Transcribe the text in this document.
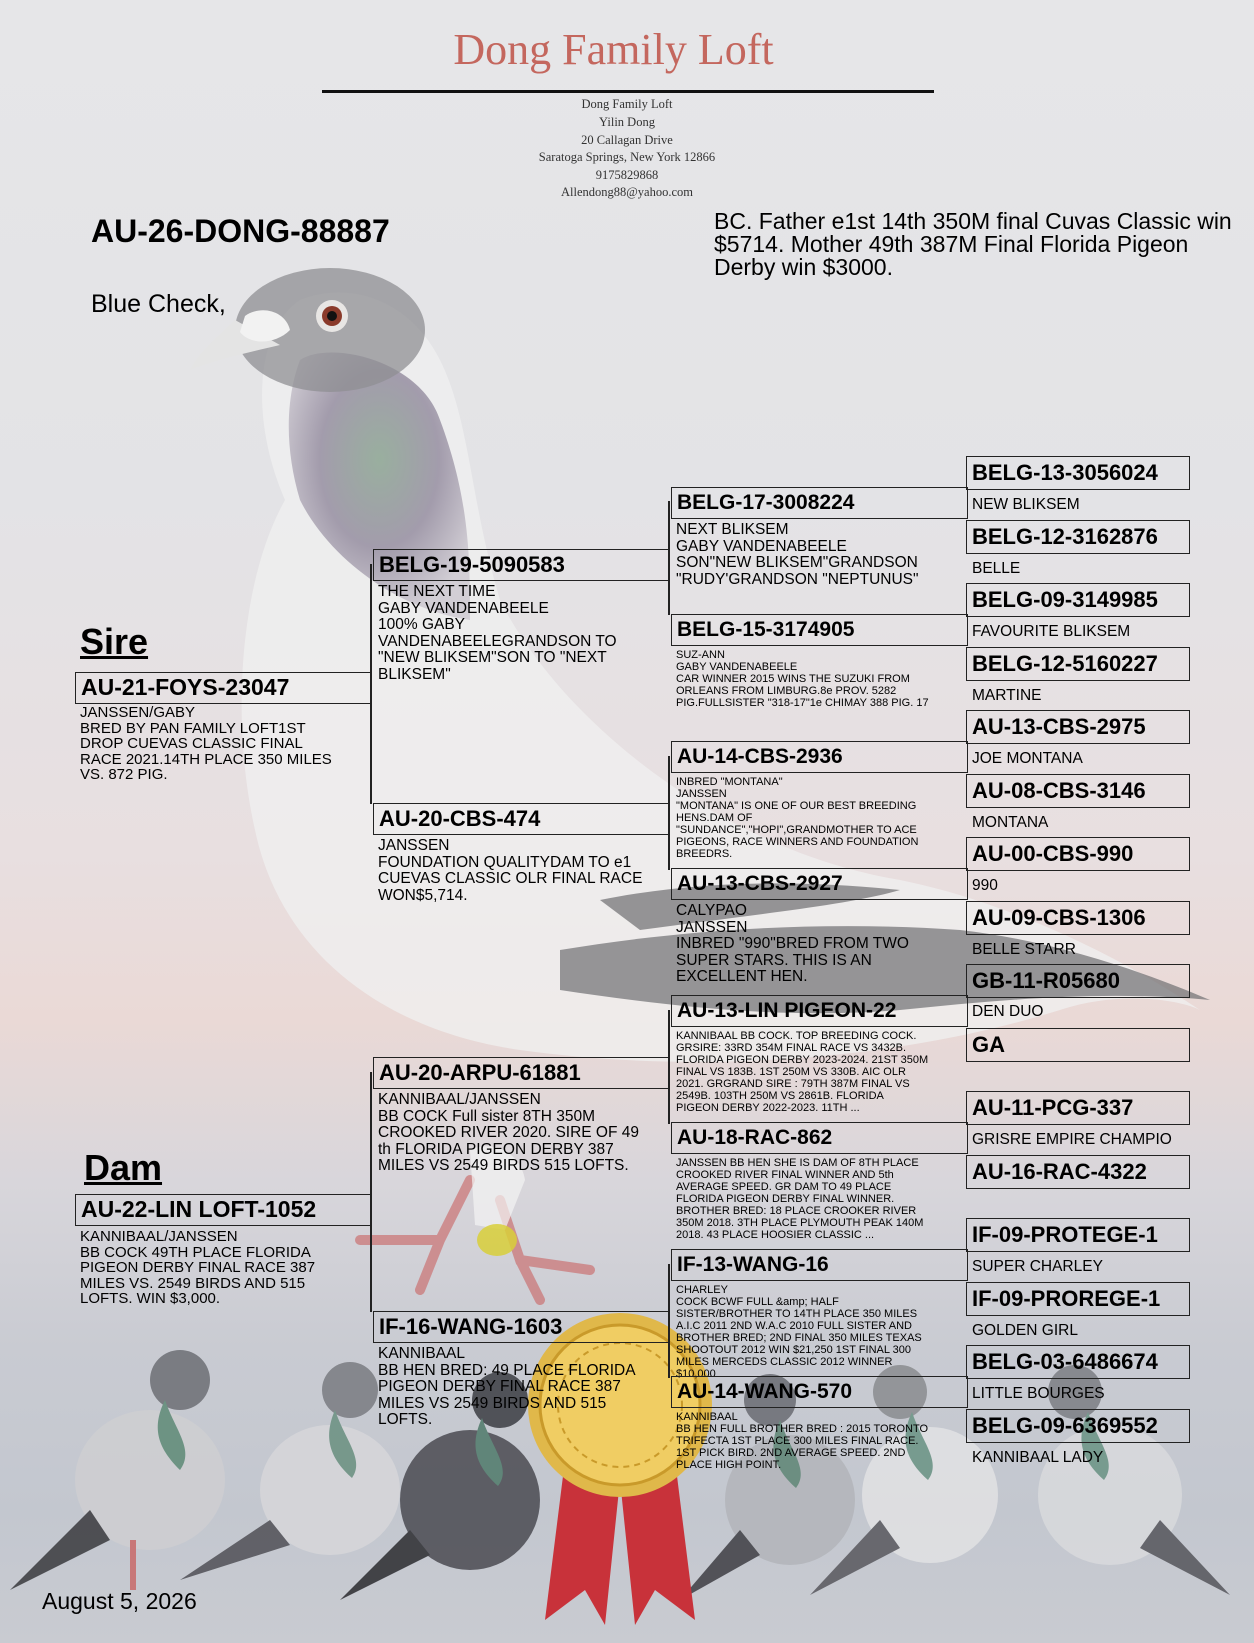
Dong Family Loft
Dong Family Loft
Yilin Dong
20 Callagan Drive
Saratoga Springs, New York 12866
9175829868
Allendong88@yahoo.com
AU-26-DONG-88887
Blue Check,
BC. Father e1st 14th 350M final Cuvas Classic win $5714. Mother 49th 387M Final Florida Pigeon Derby win $3000.
Sire
AU-21-FOYS-23047
JANSSEN/GABY
BRED BY PAN FAMILY LOFT1ST
DROP CUEVAS CLASSIC FINAL
RACE 2021.14TH PLACE 350 MILES
VS. 872 PIG.
Dam
AU-22-LIN LOFT-1052
KANNIBAAL/JANSSEN
BB COCK 49TH PLACE FLORIDA
PIGEON DERBY FINAL RACE 387
MILES VS. 2549 BIRDS AND 515
LOFTS. WIN $3,000.
BELG-19-5090583
THE NEXT TIME
GABY VANDENABEELE
100% GABY
VANDENABEELEGRANDSON TO
"NEW BLIKSEM"SON TO "NEXT
BLIKSEM"
AU-20-CBS-474
JANSSEN
FOUNDATION QUALITYDAM TO e1
CUEVAS CLASSIC OLR FINAL RACE
WON$5,714.
AU-20-ARPU-61881
KANNIBAAL/JANSSEN
BB COCK Full sister 8TH 350M
CROOKED RIVER 2020. SIRE OF 49
th FLORIDA PIGEON DERBY 387
MILES VS 2549 BIRDS 515 LOFTS.
IF-16-WANG-1603
KANNIBAAL
BB HEN BRED: 49 PLACE FLORIDA
PIGEON DERBY FINAL RACE 387
MILES VS 2549 BIRDS AND 515
LOFTS.
BELG-17-3008224
NEXT BLIKSEM
GABY VANDENABEELE
SON"NEW BLIKSEM"GRANDSON
"RUDY'GRANDSON "NEPTUNUS"
BELG-15-3174905
SUZ-ANN
GABY VANDENABEELE
CAR WINNER 2015 WINS THE SUZUKI FROM
ORLEANS FROM LIMBURG.8e PROV. 5282
PIG.FULLSISTER "318-17"1e CHIMAY 388 PIG. 17
AU-14-CBS-2936
INBRED "MONTANA"
JANSSEN
"MONTANA" IS ONE OF OUR BEST BREEDING
HENS.DAM OF
"SUNDANCE","HOPI",GRANDMOTHER TO ACE
PIGEONS, RACE WINNERS AND FOUNDATION
BREEDRS.
AU-13-CBS-2927
CALYPAO
JANSSEN
INBRED "990"BRED FROM TWO
SUPER STARS. THIS IS AN
EXCELLENT HEN.
AU-13-LIN PIGEON-22
KANNIBAAL BB COCK. TOP BREEDING COCK.
GRSIRE: 33RD 354M FINAL RACE VS 3432B.
FLORIDA PIGEON DERBY 2023-2024. 21ST 350M
FINAL VS 183B. 1ST 250M VS 330B. AIC OLR
2021. GRGRAND SIRE : 79TH 387M FINAL VS
2549B. 103TH 250M VS 2861B. FLORIDA
PIGEON DERBY 2022-2023. 11TH ...
AU-18-RAC-862
JANSSEN BB HEN SHE IS DAM OF 8TH PLACE
CROOKED RIVER FINAL WINNER AND 5th
AVERAGE SPEED. GR DAM TO 49 PLACE
FLORIDA PIGEON DERBY FINAL WINNER.
BROTHER BRED: 18 PLACE CROOKER RIVER
350M 2018. 3TH PLACE PLYMOUTH PEAK 140M
2018. 43 PLACE HOOSIER CLASSIC ...
IF-13-WANG-16
CHARLEY
COCK BCWF FULL &amp; HALF
SISTER/BROTHER TO 14TH PLACE 350 MILES
A.I.C 2011 2ND W.A.C 2010 FULL SISTER AND
BROTHER BRED; 2ND FINAL 350 MILES TEXAS
SHOOTOUT 2012 WIN $21,250 1ST FINAL 300
MILES MERCEDS CLASSIC 2012 WINNER
$10,000
AU-14-WANG-570
KANNIBAAL
BB HEN FULL BROTHER BRED : 2015 TORONTO
TRIFECTA 1ST PLACE 300 MILES FINAL RACE.
1ST PICK BIRD. 2ND AVERAGE SPEED. 2ND
PLACE HIGH POINT.
BELG-13-3056024
NEW BLIKSEM
BELG-12-3162876
BELLE
BELG-09-3149985
FAVOURITE BLIKSEM
BELG-12-5160227
MARTINE
AU-13-CBS-2975
JOE MONTANA
AU-08-CBS-3146
MONTANA
AU-00-CBS-990
990
AU-09-CBS-1306
BELLE STARR
GB-11-R05680
DEN DUO
GA
AU-11-PCG-337
GRISRE EMPIRE CHAMPIO
AU-16-RAC-4322
IF-09-PROTEGE-1
SUPER CHARLEY
IF-09-PROREGE-1
GOLDEN GIRL
BELG-03-6486674
LITTLE BOURGES
BELG-09-6369552
KANNIBAAL LADY
August 5, 2026
